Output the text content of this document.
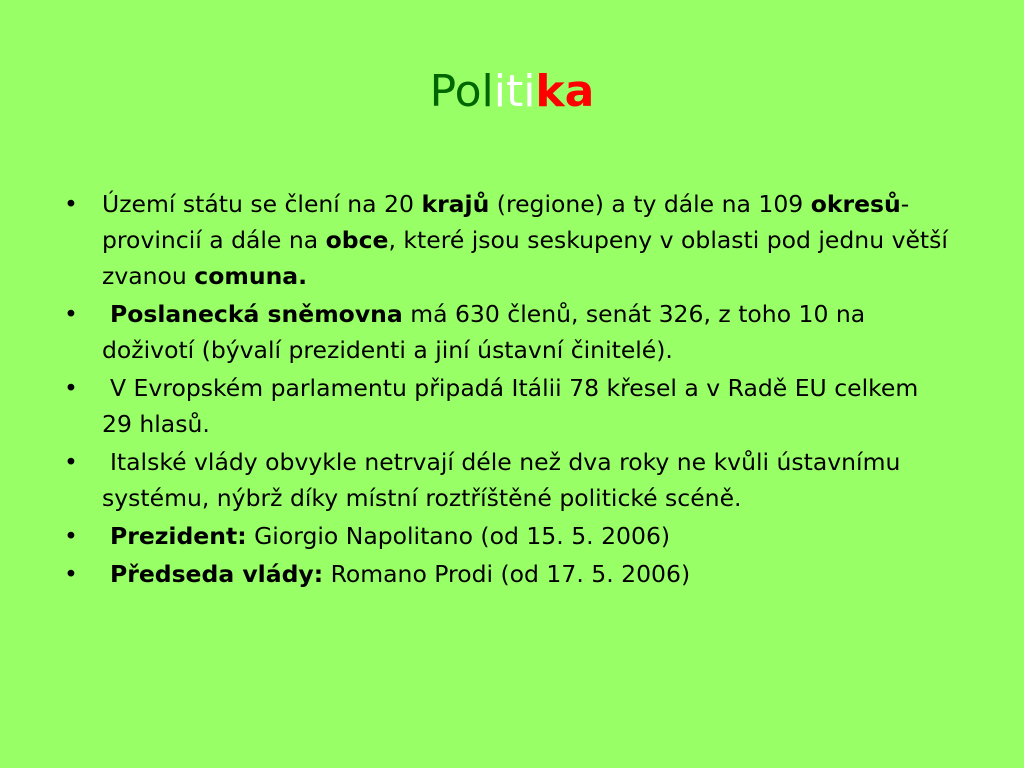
Politika
• Území státu se člení na 20 krajů (regione) a ty dále na 109 okresů- provincií a dále na obce, které jsou seskupeny v oblasti pod jednu větší zvanou comuna.
• Poslanecká sněmovna má 630 členů, senát 326, z toho 10 na doživotí (bývalí prezidenti a jiní ústavní činitelé).
• V Evropském parlamentu připadá Itálii 78 křesel a v Radě EU celkem 29 hlasů.
• Italské vlády obvykle netrvají déle než dva roky ne kvůli ústavnímu systému, nýbrž díky místní roztříštěné politické scéně.
• Prezident: Giorgio Napolitano (od 15. 5. 2006)
• Předseda vlády: Romano Prodi (od 17. 5. 2006)
